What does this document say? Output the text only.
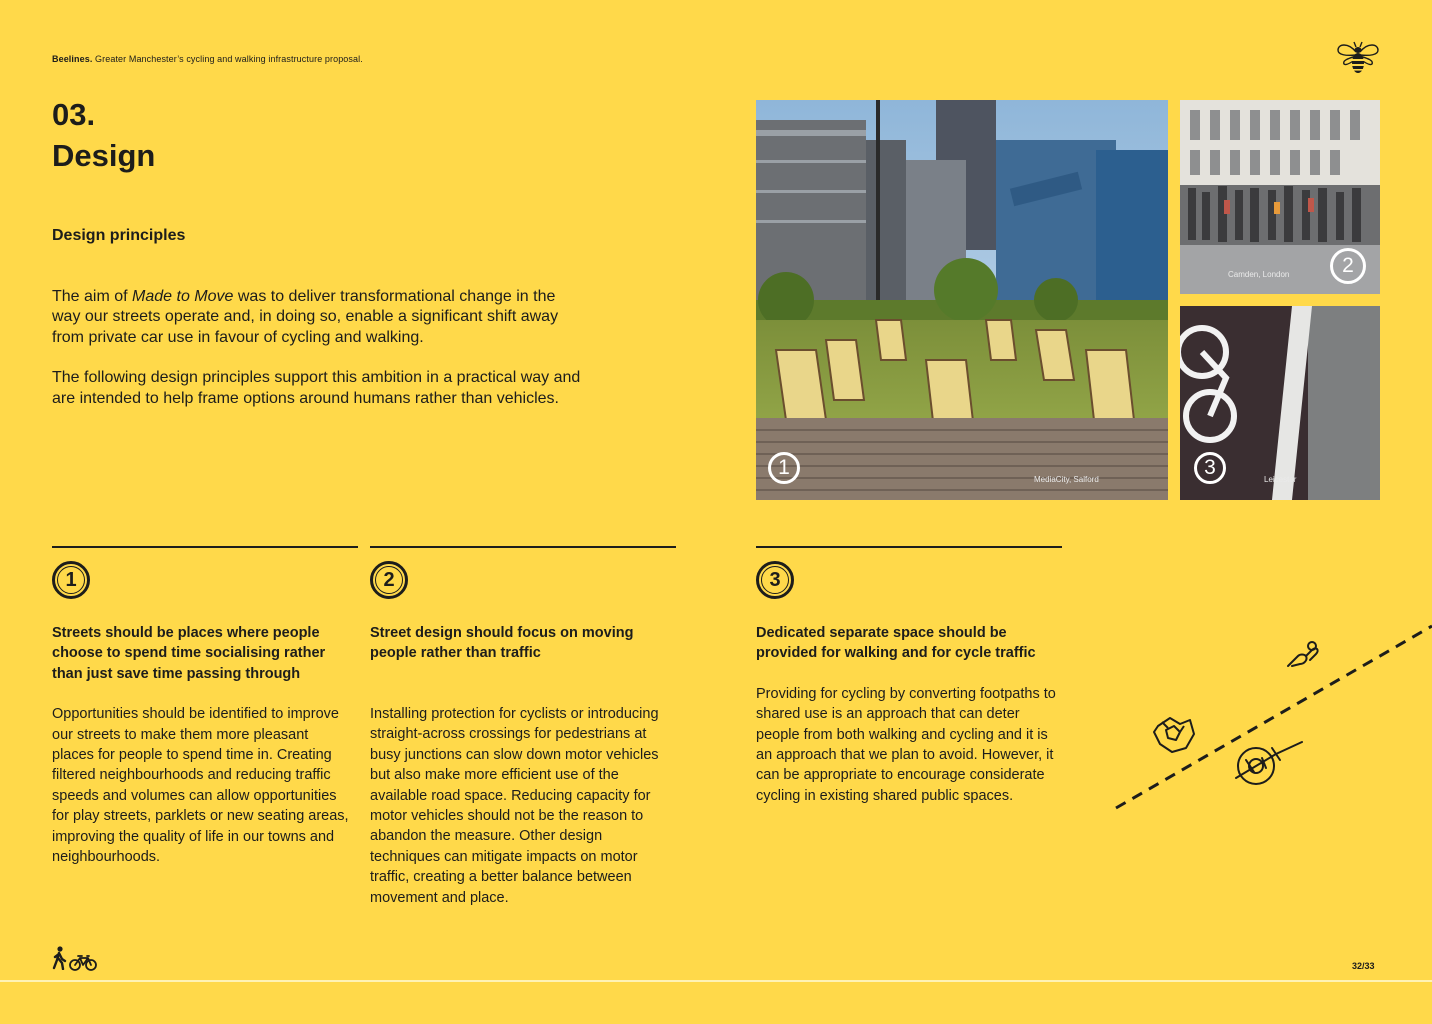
Beelines. Greater Manchester’s cycling and walking infrastructure proposal.
03.
Design
Design principles

The aim of Made to Move was to deliver transformational change in the way our streets operate and, in doing so, enable a significant shift away from private car use in favour of cycling and walking.

The following design principles support this ambition in a practical way and are intended to help frame options around humans rather than vehicles.

1
MediaCity, Salford
2
Camden, London
3
Leicester
1
Streets should be places where people choose to spend time socialising rather than just save time passing through
Opportunities should be identified to improve our streets to make them more pleasant places for people to spend time in. Creating filtered neighbourhoods and reducing traffic speeds and volumes can allow opportunities for play streets, parklets or new seating areas, improving the quality of life in our towns and neighbourhoods.
2
Street design should focus on moving people rather than traffic
Installing protection for cyclists or introducing straight-across crossings for pedestrians at busy junctions can slow down motor vehicles but also make more efficient use of the available road space. Reducing capacity for motor vehicles should not be the reason to abandon the measure. Other design techniques can mitigate impacts on motor traffic, creating a better balance between movement and place.
3
Dedicated separate space should be provided for walking and for cycle traffic
Providing for cycling by converting footpaths to shared use is an approach that can deter people from both walking and cycling and it is an approach that we plan to avoid. However, it can be appropriate to encourage considerate cycling in existing shared public spaces.
32/33
